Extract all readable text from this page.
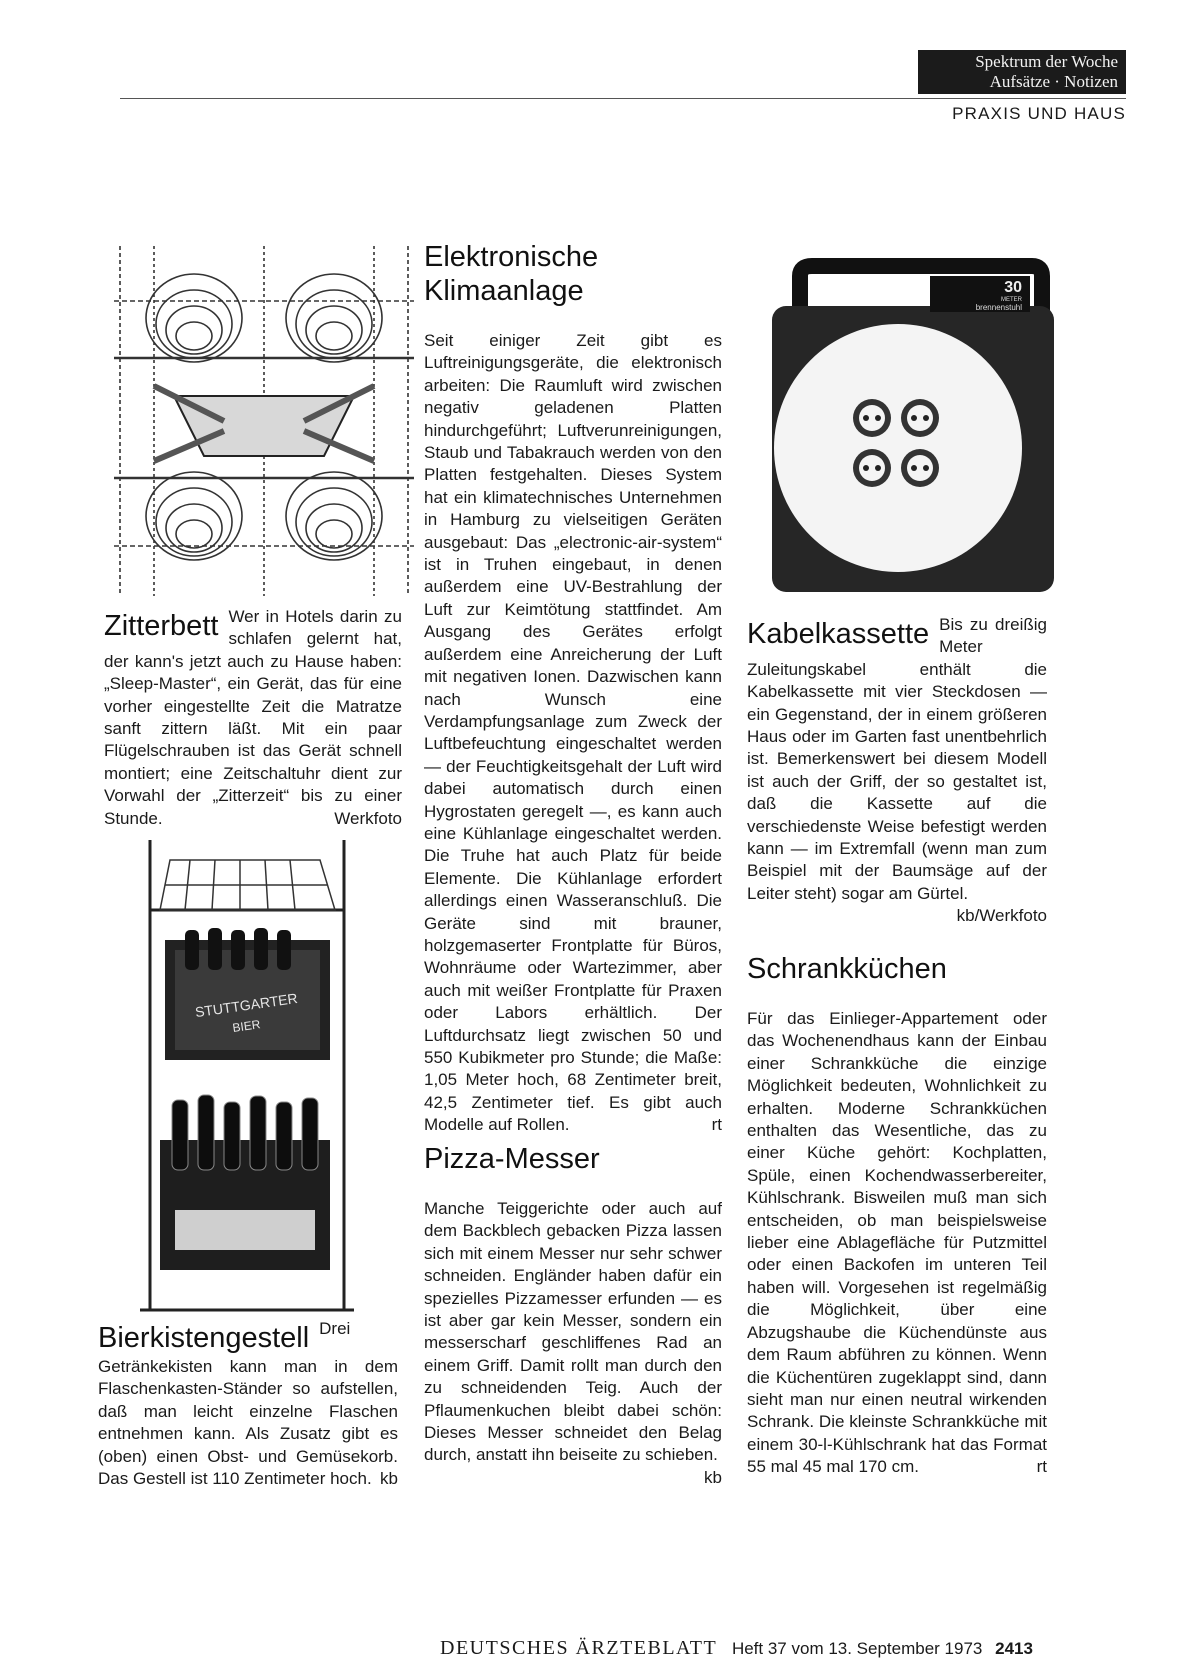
Spektrum der Woche
Aufsätze · Notizen
PRAXIS UND HAUS

Zitterbett Wer in Hotels darin zu schlafen gelernt hat, der kann's jetzt auch zu Hause haben: „Sleep-Master“, ein Gerät, das für eine vorher eingestellte Zeit die Matratze sanft zittern läßt. Mit ein paar Flügelschrauben ist das Gerät schnell montiert; eine Zeitschaltuhr dient zur Vorwahl der „Zitterzeit“ bis zu einer Stunde.	Werkfoto

STUTTGARTER
BIER

Bierkistengestell Drei Getränkekisten kann man in dem Flaschenkasten-Ständer so aufstellen, daß man leicht einzelne Flaschen entnehmen kann. Als Zusatz gibt es (oben) einen Obst- und Gemüsekorb. Das Gestell ist 110 Zentimeter hoch. kb

Elektronische
Klimaanlage

Seit einiger Zeit gibt es Luftreinigungsgeräte, die elektronisch arbeiten: Die Raumluft wird zwischen negativ geladenen Platten hindurchgeführt; Luftverunreinigungen, Staub und Tabakrauch werden von den Platten festgehalten. Dieses System hat ein klimatechnisches Unternehmen in Hamburg zu vielseitigen Geräten ausgebaut: Das „electronic-air-system“ ist in Truhen eingebaut, in denen außerdem eine UV-Bestrahlung der Luft zur Keimtötung stattfindet. Am Ausgang des Gerätes erfolgt außerdem eine Anreicherung der Luft mit negativen Ionen. Dazwischen kann nach Wunsch eine Verdampfungsanlage zum Zweck der Luftbefeuchtung eingeschaltet werden — der Feuchtigkeitsgehalt der Luft wird dabei automatisch durch einen Hygrostaten geregelt —, es kann auch eine Kühlanlage eingeschaltet werden. Die Truhe hat auch Platz für beide Elemente. Die Kühlanlage erfordert allerdings einen Wasseranschluß. Die Geräte sind mit brauner, holzgemaserter Frontplatte für Büros, Wohnräume oder Wartezimmer, aber auch mit weißer Frontplatte für Praxen oder Labors erhältlich. Der Luftdurchsatz liegt zwischen 50 und 550 Kubikmeter pro Stunde; die Maße: 1,05 Meter hoch, 68 Zentimeter breit, 42,5 Zentimeter tief. Es gibt auch Modelle auf Rollen.	rt

Pizza-Messer

Manche Teiggerichte oder auch auf dem Backblech gebacken Pizza lassen sich mit einem Messer nur sehr schwer schneiden. Engländer haben dafür ein spezielles Pizzamesser erfunden — es ist aber gar kein Messer, sondern ein messerscharf geschliffenes Rad an einem Griff. Damit rollt man durch den zu schneidenden Teig. Auch der Pflaumenkuchen bleibt dabei schön: Dieses Messer schneidet den Belag durch, anstatt ihn beiseite zu schieben.
kb

30
METER
brennenstuhl

Kabelkassette Bis zu dreißig Meter Zuleitungskabel enthält die Kabelkassette mit vier Steckdosen — ein Gegenstand, der in einem größeren Haus oder im Garten fast unentbehrlich ist. Bemerkenswert bei diesem Modell ist auch der Griff, der so gestaltet ist, daß die Kassette auf die verschiedenste Weise befestigt werden kann — im Extremfall (wenn man zum Beispiel mit der Baumsäge auf der Leiter steht) sogar am Gürtel.
kb/Werkfoto

Schrankküchen

Für das Einlieger-Appartement oder das Wochenendhaus kann der Einbau einer Schrankküche die einzige Möglichkeit bedeuten, Wohnlichkeit zu erhalten. Moderne Schrankküchen enthalten das Wesentliche, das zu einer Küche gehört: Kochplatten, Spüle, einen Kochendwasserbereiter, Kühlschrank. Bisweilen muß man sich entscheiden, ob man beispielsweise lieber eine Ablagefläche für Putzmittel oder einen Backofen im unteren Teil haben will. Vorgesehen ist regelmäßig die Möglichkeit, über eine Abzugshaube die Küchendünste aus dem Raum abführen zu können. Wenn die Küchentüren zugeklappt sind, dann sieht man nur einen neutral wirkenden Schrank. Die kleinste Schrankküche mit einem 30-l-Kühlschrank hat das Format 55 mal 45 mal 170 cm.	rt

DEUTSCHES ÄRZTEBLATT Heft 37 vom 13. September 1973 2413
